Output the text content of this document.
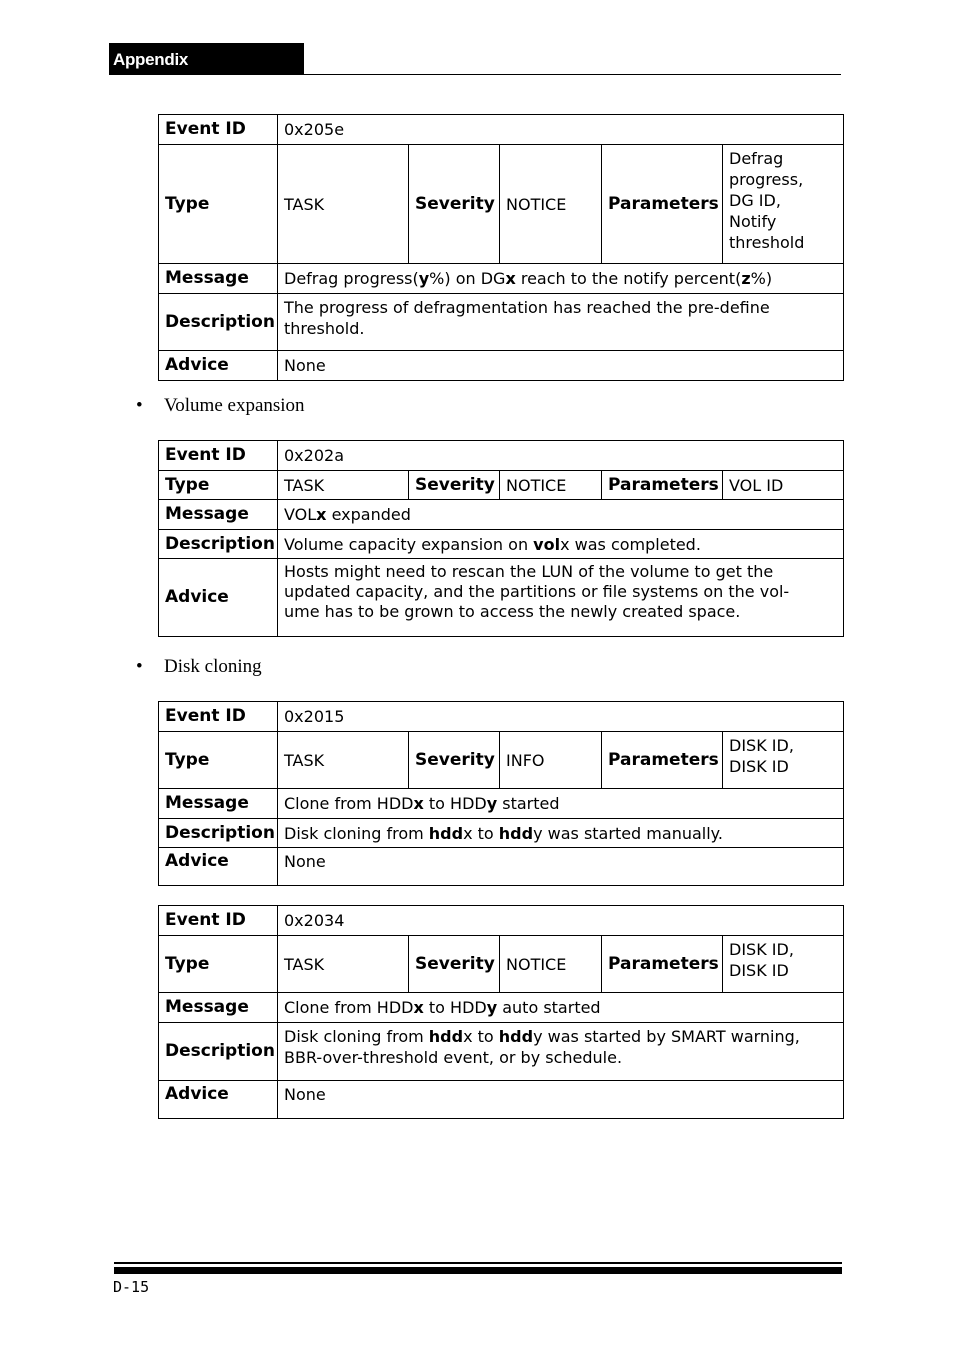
Appendix
Event ID	0x205e				
Type	TASK	Severity	NOTICE	Parameters	Defrag
progress,
DG ID,
Notify
threshold

Message	Defrag progress(y%) on DGx reach to the notify percent(z%)				
Description	The progress of defragmentation has reached the pre-define
threshold.				

Advice	None				
• Volume expansion
Event ID	0x202a				
Type	TASK	Severity	NOTICE	Parameters	VOL ID
Message	VOLx expanded				
Description	Volume capacity expansion on volx was completed.				
Advice	Hosts might need to rescan the LUN of the volume to get the
updated capacity, and the partitions or file systems on the vol-
ume has to be grown to access the newly created space.				
• Disk cloning
Event ID	0x2015				
Type	TASK	Severity	INFO	Parameters	DISK ID,
DISK ID

Message	Clone from HDDx to HDDy started				
Description	Disk cloning from hddx to hddy was started manually.				

Advice	None				
Event ID	0x2034				
Type	TASK	Severity	NOTICE	Parameters	DISK ID,
DISK ID

Message	Clone from HDDx to HDDy auto started				
Description	Disk cloning from hddx to hddy was started by SMART warning,
BBR-over-threshold event, or by schedule.				

Advice	None				
D-15
